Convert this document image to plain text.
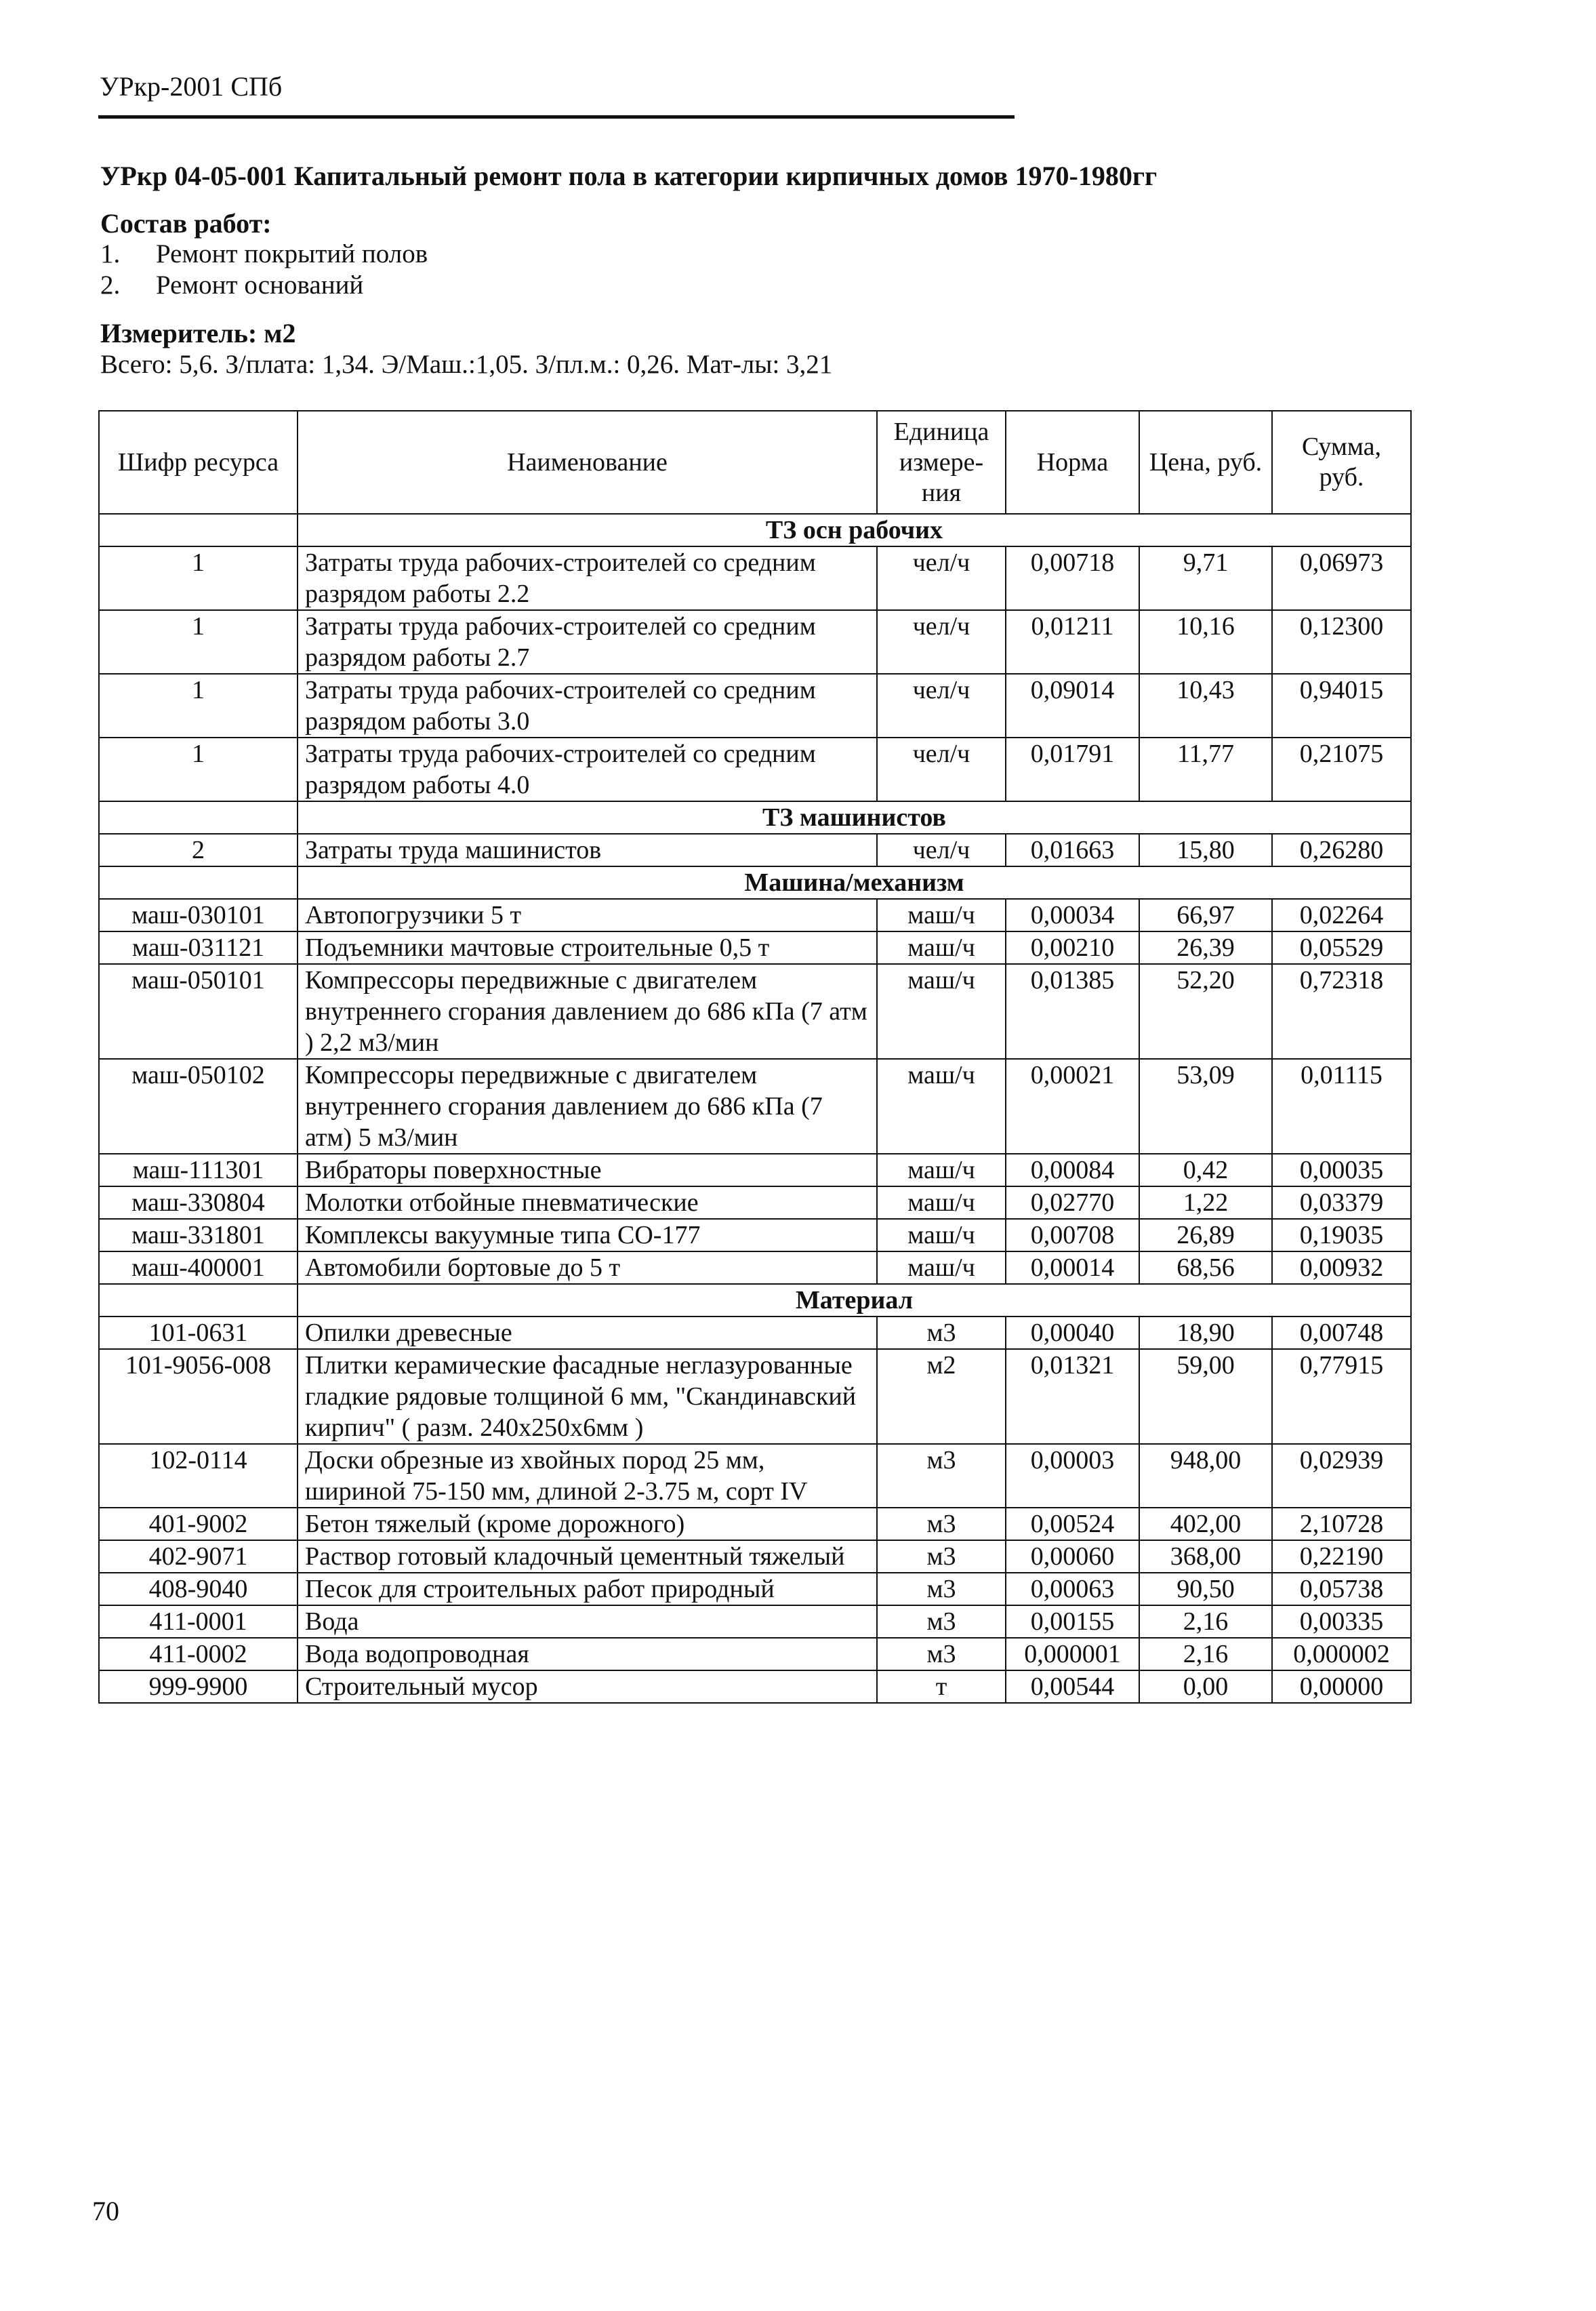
УРкр-2001 СПб
УРкр 04-05-001 Капитальный ремонт пола в категории кирпичных домов 1970-1980гг
Состав работ:
1. Ремонт покрытий полов
2. Ремонт оснований
Измеритель: м2
Всего: 5,6. З/плата: 1,34. Э/Маш.:1,05. З/пл.м.: 0,26. Мат-лы: 3,21
Шифр ресурса	Наименование	Единица измере-ния	Норма	Цена, руб.	Сумма, руб.
	ТЗ осн рабочих				
1	Затраты труда рабочих-строителей со средним разрядом работы 2.2	чел/ч	0,00718	9,71	0,06973
1	Затраты труда рабочих-строителей со средним разрядом работы 2.7	чел/ч	0,01211	10,16	0,12300
1	Затраты труда рабочих-строителей со средним разрядом работы 3.0	чел/ч	0,09014	10,43	0,94015
1	Затраты труда рабочих-строителей со средним разрядом работы 4.0	чел/ч	0,01791	11,77	0,21075
	ТЗ машинистов				
2	Затраты труда машинистов	чел/ч	0,01663	15,80	0,26280
	Машина/механизм				
маш-030101	Автопогрузчики 5 т	маш/ч	0,00034	66,97	0,02264
маш-031121	Подъемники мачтовые строительные 0,5 т	маш/ч	0,00210	26,39	0,05529
маш-050101	Компрессоры передвижные с двигателем внутреннего сгорания давлением до 686 кПа (7 атм ) 2,2 м3/мин	маш/ч	0,01385	52,20	0,72318
маш-050102	Компрессоры передвижные с двигателем внутреннего сгорания давлением до 686 кПа (7 атм) 5 м3/мин	маш/ч	0,00021	53,09	0,01115
маш-111301	Вибраторы поверхностные	маш/ч	0,00084	0,42	0,00035
маш-330804	Молотки отбойные пневматические	маш/ч	0,02770	1,22	0,03379
маш-331801	Комплексы вакуумные типа СО-177	маш/ч	0,00708	26,89	0,19035
маш-400001	Автомобили бортовые до 5 т	маш/ч	0,00014	68,56	0,00932
	Материал				
101-0631	Опилки древесные	м3	0,00040	18,90	0,00748
101-9056-008	Плитки керамические фасадные неглазурованные гладкие рядовые толщиной 6 мм, "Скандинавский кирпич" ( разм. 240х250х6мм )	м2	0,01321	59,00	0,77915
102-0114	Доски обрезные из хвойных пород 25 мм, шириной 75-150 мм, длиной 2-3.75 м, сорт IV	м3	0,00003	948,00	0,02939
401-9002	Бетон тяжелый (кроме дорожного)	м3	0,00524	402,00	2,10728
402-9071	Раствор готовый кладочный цементный тяжелый	м3	0,00060	368,00	0,22190
408-9040	Песок для строительных работ природный	м3	0,00063	90,50	0,05738
411-0001	Вода	м3	0,00155	2,16	0,00335
411-0002	Вода водопроводная	м3	0,000001	2,16	0,000002
999-9900	Строительный мусор	т	0,00544	0,00	0,00000
70
